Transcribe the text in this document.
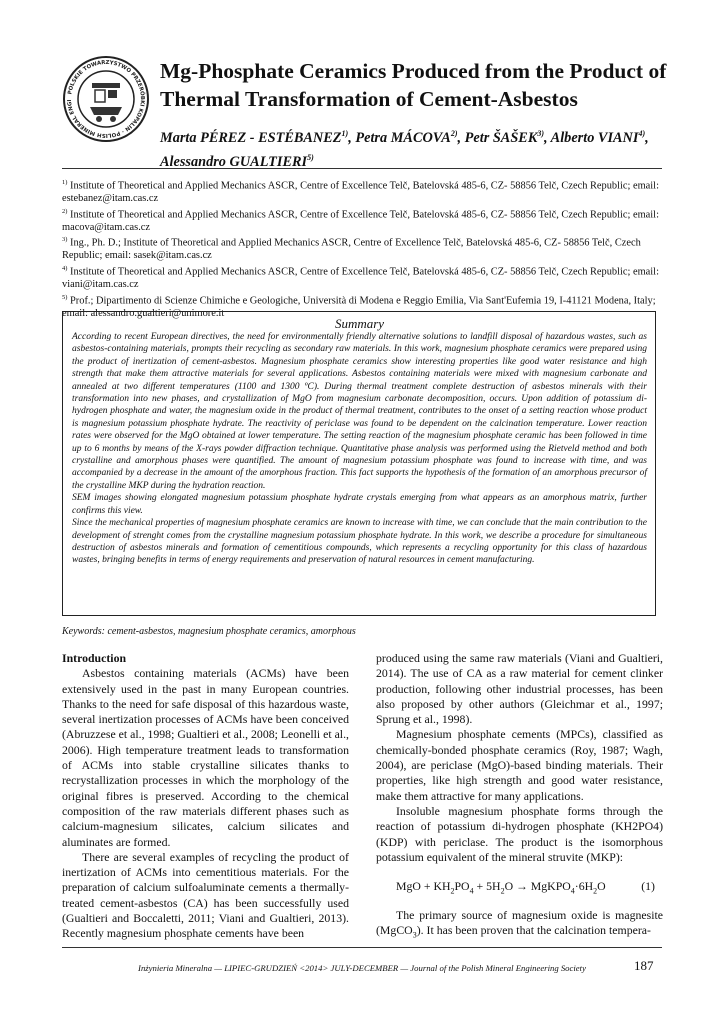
POLSKIE TOWARZYSTWO PRZERÓBKI KOPALIN · POLISH MINERAL ENGI
Mg-Phosphate Ceramics Produced from the Product of Thermal Transformation of Cement-Asbestos
Marta PÉREZ - ESTÉBANEZ$^{1)}$, Petra MÁCOVA$^{2)}$, Petr ŠAŠEK$^{3)}$, Alberto VIANI$^{4)}$, Alessandro GUALTIERI$^{5)}$

$^{1)}$ Institute of Theoretical and Applied Mechanics ASCR, Centre of Excellence Telč, Batelovská 485-6, CZ- 58856 Telč, Czech Republic; email: estebanez@itam.cas.cz

$^{2)}$ Institute of Theoretical and Applied Mechanics ASCR, Centre of Excellence Telč, Batelovská 485-6, CZ- 58856 Telč, Czech Republic; email: macova@itam.cas.cz

$^{3)}$ Ing., Ph. D.; Institute of Theoretical and Applied Mechanics ASCR, Centre of Excellence Telč, Batelovská 485-6, CZ- 58856 Telč, Czech Republic; email: sasek@itam.cas.cz

$^{4)}$ Institute of Theoretical and Applied Mechanics ASCR, Centre of Excellence Telč, Batelovská 485-6, CZ- 58856 Telč, Czech Republic; email: viani@itam.cas.cz

$^{5)}$ Prof.; Dipartimento di Scienze Chimiche e Geologiche, Università di Modena e Reggio Emilia, Via Sant'Eufemia 19, I-41121 Modena, Italy; email: alessandro.gualtieri@unimore.it

Summary

According to recent European directives, the need for environmentally friendly alternative solutions to landfill disposal of hazardous wastes, such as asbestos-containing materials, prompts their recycling as secondary raw materials. In this work, magnesium phosphate ceramics were prepared using the product of inertization of cement-asbestos. Magnesium phosphate ceramics show interesting properties like good water resistance and high strength that make them attractive materials for several applications. Asbestos containing materials were mixed with magnesium carbonate and annealed at two different temperatures (1100 and 1300 ºC). During thermal treatment complete destruction of asbestos minerals with their transformation into new phases, and crystallization of MgO from magnesium carbonate decomposition, occurs. Upon addition of potassium di-hydrogen phosphate and water, the magnesium oxide in the product of thermal treatment, contributes to the onset of a setting reaction whose product is magnesium potassium phosphate hydrate. The reactivity of periclase was found to be dependent on the calcination temperature. Lower reaction rates were observed for the MgO obtained at lower temperature. The setting reaction of the magnesium phosphate ceramic has been followed in time up to 6 months by means of the X-rays powder diffraction technique. Quantitative phase analysis was performed using the Rietveld method and both crystalline and amorphous phases were quantified. The amount of magnesium potassium phosphate was found to increase with time, and was accompanied by a decrease in the amount of the amorphous fraction. This fact supports the hypothesis of the formation of an amorphous precursor of the crystalline MKP during the hydration reaction.

SEM images showing elongated magnesium potassium phosphate hydrate crystals emerging from what appears as an amorphous matrix, further confirms this view.

Since the mechanical properties of magnesium phosphate ceramics are known to increase with time, we can conclude that the main contribution to the development of strenght comes from the crystalline magnesium potassium phosphate hydrate. In this work, we describe a procedure for simultaneous destruction of asbestos minerals and formation of cementitious compounds, which represents a recycling opportunity for this class of hazardous wastes, bringing benefits in terms of energy requirements and preservation of natural resources in cement manufacturing.

Keywords: cement-asbestos, magnesium phosphate ceramics, amorphous

Introduction

Asbestos containing materials (ACMs) have been extensively used in the past in many European countries. Thanks to the need for safe disposal of this hazardous waste, several inertization processes of ACMs have been conceived (Abruzzese et al., 1998; Gualtieri et al., 2008; Leonelli et al., 2006). High temperature treatment leads to transformation of ACMs into stable crystalline silicates thanks to recrystallization processes in which the morphology of the original fibres is preserved. According to the chemical composition of the raw materials different phases such as calcium-magnesium silicates, calcium silicates and aluminates are formed.

There are several examples of recycling the product of inertization of ACMs into cementitious materials. For the preparation of calcium sulfoaluminate cements a thermally-treated cement-asbestos (CA) has been successfully used (Gualtieri and Boccaletti, 2011; Viani and Gualtieri, 2013). Recently magnesium phosphate cements have been

produced using the same raw materials (Viani and Gualtieri, 2014). The use of CA as a raw material for cement clinker production, following other industrial processes, has been also proposed by other authors (Gleichmar et al., 1997; Sprung et al., 1998).

Magnesium phosphate cements (MPCs), classified as chemically-bonded phosphate ceramics (Roy, 1987; Wagh, 2004), are periclase (MgO)-based binding materials. Their properties, like high strength and good water resistance, make them attractive for many applications.

Insoluble magnesium phosphate forms through the reaction of potassium di-hydrogen phosphate (KH2PO4) (KDP) with periclase. The product is the isomorphous potassium equivalent of the mineral struvite (MKP):

MgO + $KH_2PO_4 + 5H_2O$ → $MgKPO_4\cdot 6H_2O$	(1)

The primary source of magnesium oxide is magnesite (MgCO$_3$). It has been proven that the calcination tempera-

Inżynieria Mineralna — LIPIEC-GRUDZIEŃ <2014> JULY-DECEMBER — Journal of the Polish Mineral Engineering Society	187
